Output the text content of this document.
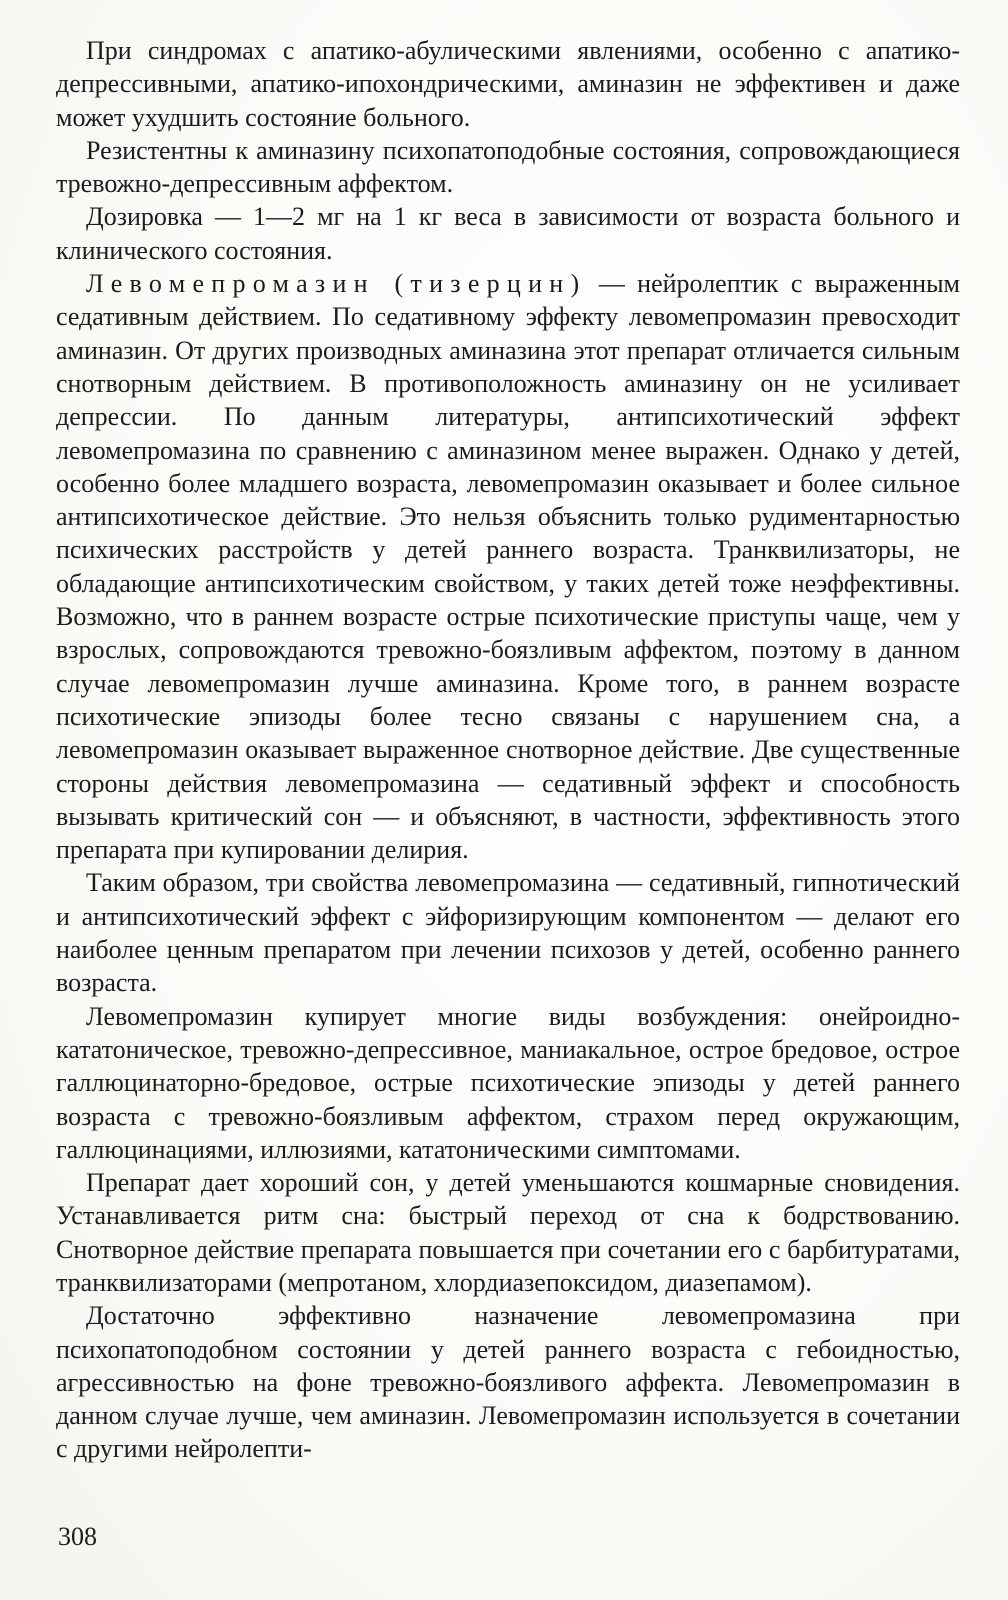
При синдромах с апатико-абулическими явлениями, особенно с апатико-депрессивными, апатико-ипохондрическими, аминазин не эффективен и даже может ухудшить состояние больного.

Резистентны к аминазину психопатоподобные состояния, сопровождающиеся тревожно-депрессивным аффектом.

Дозировка — 1—2 мг на 1 кг веса в зависимости от возраста больного и клинического состояния.

Левомепромазин (тизерцин) — нейролептик с выраженным седативным действием. По седативному эффекту левомепромазин превосходит аминазин. От других производных аминазина этот препарат отличается сильным снотворным действием. В противоположность аминазину он не усиливает депрессии. По данным литературы, антипсихотический эффект левомепромазина по сравнению с аминазином менее выражен. Однако у детей, особенно более младшего возраста, левомепромазин оказывает и более сильное антипсихотическое действие. Это нельзя объяснить только рудиментарностью психических расстройств у детей раннего возраста. Транквилизаторы, не обладающие антипсихотическим свойством, у таких детей тоже неэффективны. Возможно, что в раннем возрасте острые психотические приступы чаще, чем у взрослых, сопровождаются тревожно-боязливым аффектом, поэтому в данном случае левомепромазин лучше аминазина. Кроме того, в раннем возрасте психотические эпизоды более тесно связаны с нарушением сна, а левомепромазин оказывает выраженное снотворное действие. Две существенные стороны действия левомепромазина — седативный эффект и способность вызывать критический сон — и объясняют, в частности, эффективность этого препарата при купировании делирия.

Таким образом, три свойства левомепромазина — седативный, гипнотический и антипсихотический эффект с эйфоризирующим компонентом — делают его наиболее ценным препаратом при лечении психозов у детей, особенно раннего возраста.

Левомепромазин купирует многие виды возбуждения: онейроидно-кататоническое, тревожно-депрессивное, маниакальное, острое бредовое, острое галлюцинаторно-бредовое, острые психотические эпизоды у детей раннего возраста с тревожно-боязливым аффектом, страхом перед окружающим, галлюцинациями, иллюзиями, кататоническими симптомами.

Препарат дает хороший сон, у детей уменьшаются кошмарные сновидения. Устанавливается ритм сна: быстрый переход от сна к бодрствованию. Снотворное действие препарата повышается при сочетании его с барбитуратами, транквилизаторами (мепротаном, хлордиазепоксидом, диазепамом).

Достаточно эффективно назначение левомепромазина при психопатоподобном состоянии у детей раннего возраста с гебоидностью, агрессивностью на фоне тревожно-боязливого аффекта. Левомепромазин в данном случае лучше, чем аминазин. Левомепромазин используется в сочетании с другими нейролепти-

308
